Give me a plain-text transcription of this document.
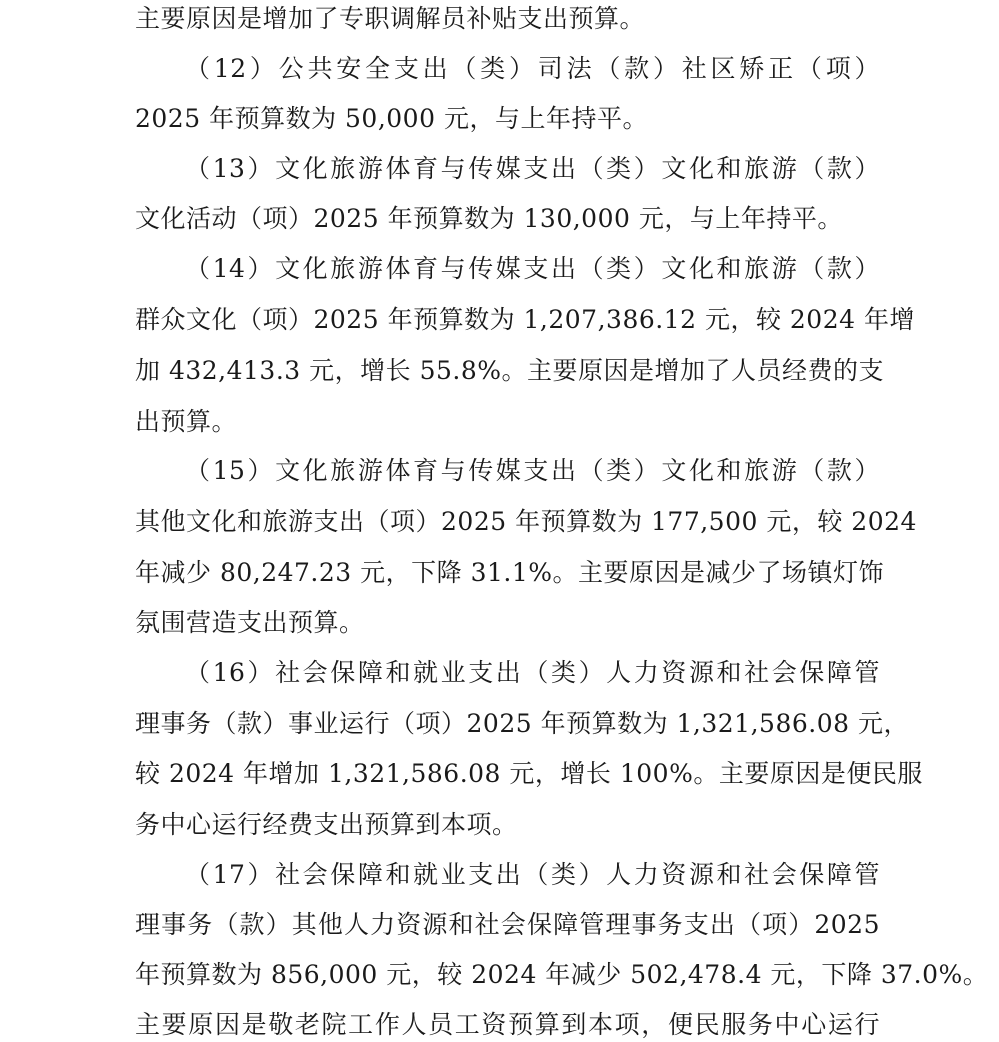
主要原因是增加了专职调解员补贴支出预算。
（12）公共安全支出（类）司法（款）社区矫正（项）
2025 年预算数为 50,000 元，与上年持平。
（13）文化旅游体育与传媒支出（类）文化和旅游（款）
文化活动（项）2025 年预算数为 130,000 元，与上年持平。
（14）文化旅游体育与传媒支出（类）文化和旅游（款）
群众文化（项）2025 年预算数为 1,207,386.12 元，较 2024 年增
加 432,413.3 元，增长 55.8%。主要原因是增加了人员经费的支
出预算。
（15）文化旅游体育与传媒支出（类）文化和旅游（款）
其他文化和旅游支出（项）2025 年预算数为 177,500 元，较 2024
年减少 80,247.23 元，下降 31.1%。主要原因是减少了场镇灯饰
氛围营造支出预算。
（16）社会保障和就业支出（类）人力资源和社会保障管
理事务（款）事业运行（项）2025 年预算数为 1,321,586.08 元，
较 2024 年增加 1,321,586.08 元，增长 100%。主要原因是便民服
务中心运行经费支出预算到本项。
（17）社会保障和就业支出（类）人力资源和社会保障管
理事务（款）其他人力资源和社会保障管理事务支出（项）2025
年预算数为 856,000 元，较 2024 年减少 502,478.4 元，下降 37.0%。
主要原因是敬老院工作人员工资预算到本项，便民服务中心运行
